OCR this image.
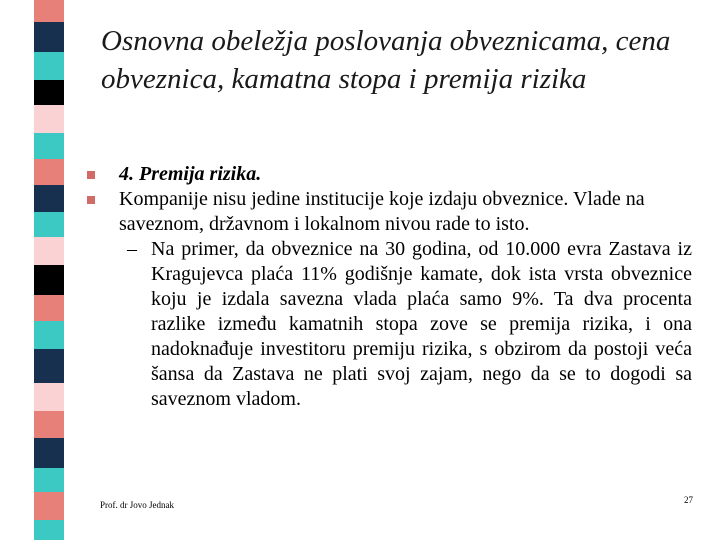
Osnovna obeležja poslovanja obveznicama, cena obveznica, kamatna stopa i premija rizika
4. Premija rizika.
Kompanije nisu jedine institucije koje izdaju obveznice. Vlade na saveznom, državnom i lokalnom nivou rade to isto.
– Na primer, da obveznice na 30 godina, od 10.000 evra Zastava iz Kragujevca plaća 11% godišnje kamate, dok ista vrsta obveznice koju je izdala savezna vlada plaća samo 9%. Ta dva procenta razlike između kamatnih stopa zove se premija rizika, i ona nadoknađuje investitoru premiju rizika, s obzirom da postoji veća šansa da Zastava ne plati svoj zajam, nego da se to dogodi sa saveznom vladom.
Prof. dr Jovo Jednak	27
